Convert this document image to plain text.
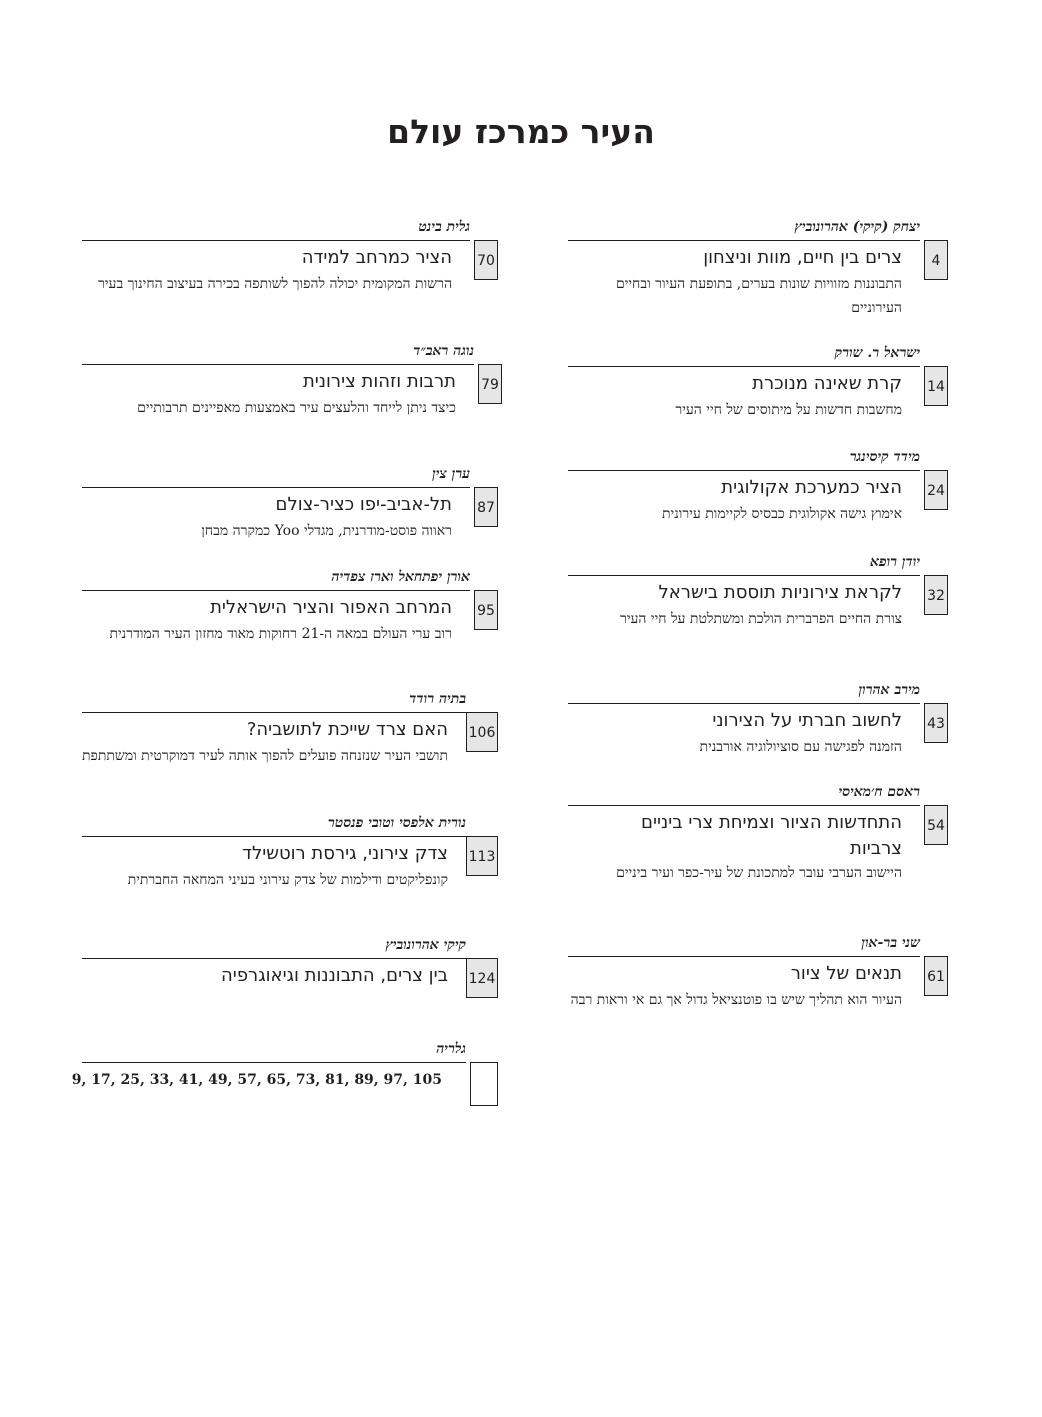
העיר כמרכז עולם
יצחק (קיקי) אהרונוביץ
4
צרים בין חיים, מוות וניצחון
התבוננות מזוויות שונות בערים, בתופעת העיור ובחיים העירוניים
ישראל ר. שורק
14
קרת שאינה מנוכרת
מחשבות חדשות על מיתוסים של חיי העיר
מידד קיסינגר
24
הציר כמערכת אקולוגית
אימוץ גישה אקולוגית כבסיס לקיימות עירונית
יודן רופא
32
לקראת צירוניות תוססת בישראל
צורת החיים הפרברית הולכת ומשתלטת על חיי העיר
מירב אהרון
43
לחשוב חברתי על הצירוני
הזמנה לפגישה עם סוציולוגיה אורבנית
ראסם ח׳מאיסי
54
התחדשות הציור וצמיחת צרי ביניים צרביות
היישוב הערבי עובר למתכונת של עיר-כפר ועיר ביניים
שני בר-און
61
תנאים של ציור
העיור הוא תהליך שיש בו פוטנציאל גדול אך גם אי וראות רבה
גלית בינט
70
הציר כמרחב למידה
הרשות המקומית יכולה להפוך לשותפה בכירה בעיצוב החינוך בעיר
נוגה ראב״ד
79
תרבות וזהות צירונית
כיצד ניתן לייחד והלעצים עיר באמצעות מאפיינים תרבותיים
ערן צין
87
תל-אביב-יפו כציר-צולם
ראווה פוסט-מודרנית, מגדלי Yoo כמקרה מבחן
אורן יפתחאל וארז צפדיה
95
המרחב האפור והציר הישראלית
רוב ערי העולם במאה ה-21 רחוקות מאוד מחזון העיר המודרנית
בתיה רודד
106
האם צרד שייכת לתושביה?
תושבי העיר שנזנחה פועלים להפוך אותה לעיר דמוקרטית ומשתתפת
נורית אלפסי וטובי פנסטר
113
צדק צירוני, גירסת רוטשילד
קונפליקטים ודילמות של צדק עירוני בעיני המחאה החברתית
קיקי אהרונוביץ
124
בין צרים, התבוננות וגיאוגרפיה
גלריה
9, 17, 25, 33, 41, 49, 57, 65, 73, 81, 89, 97, 105
